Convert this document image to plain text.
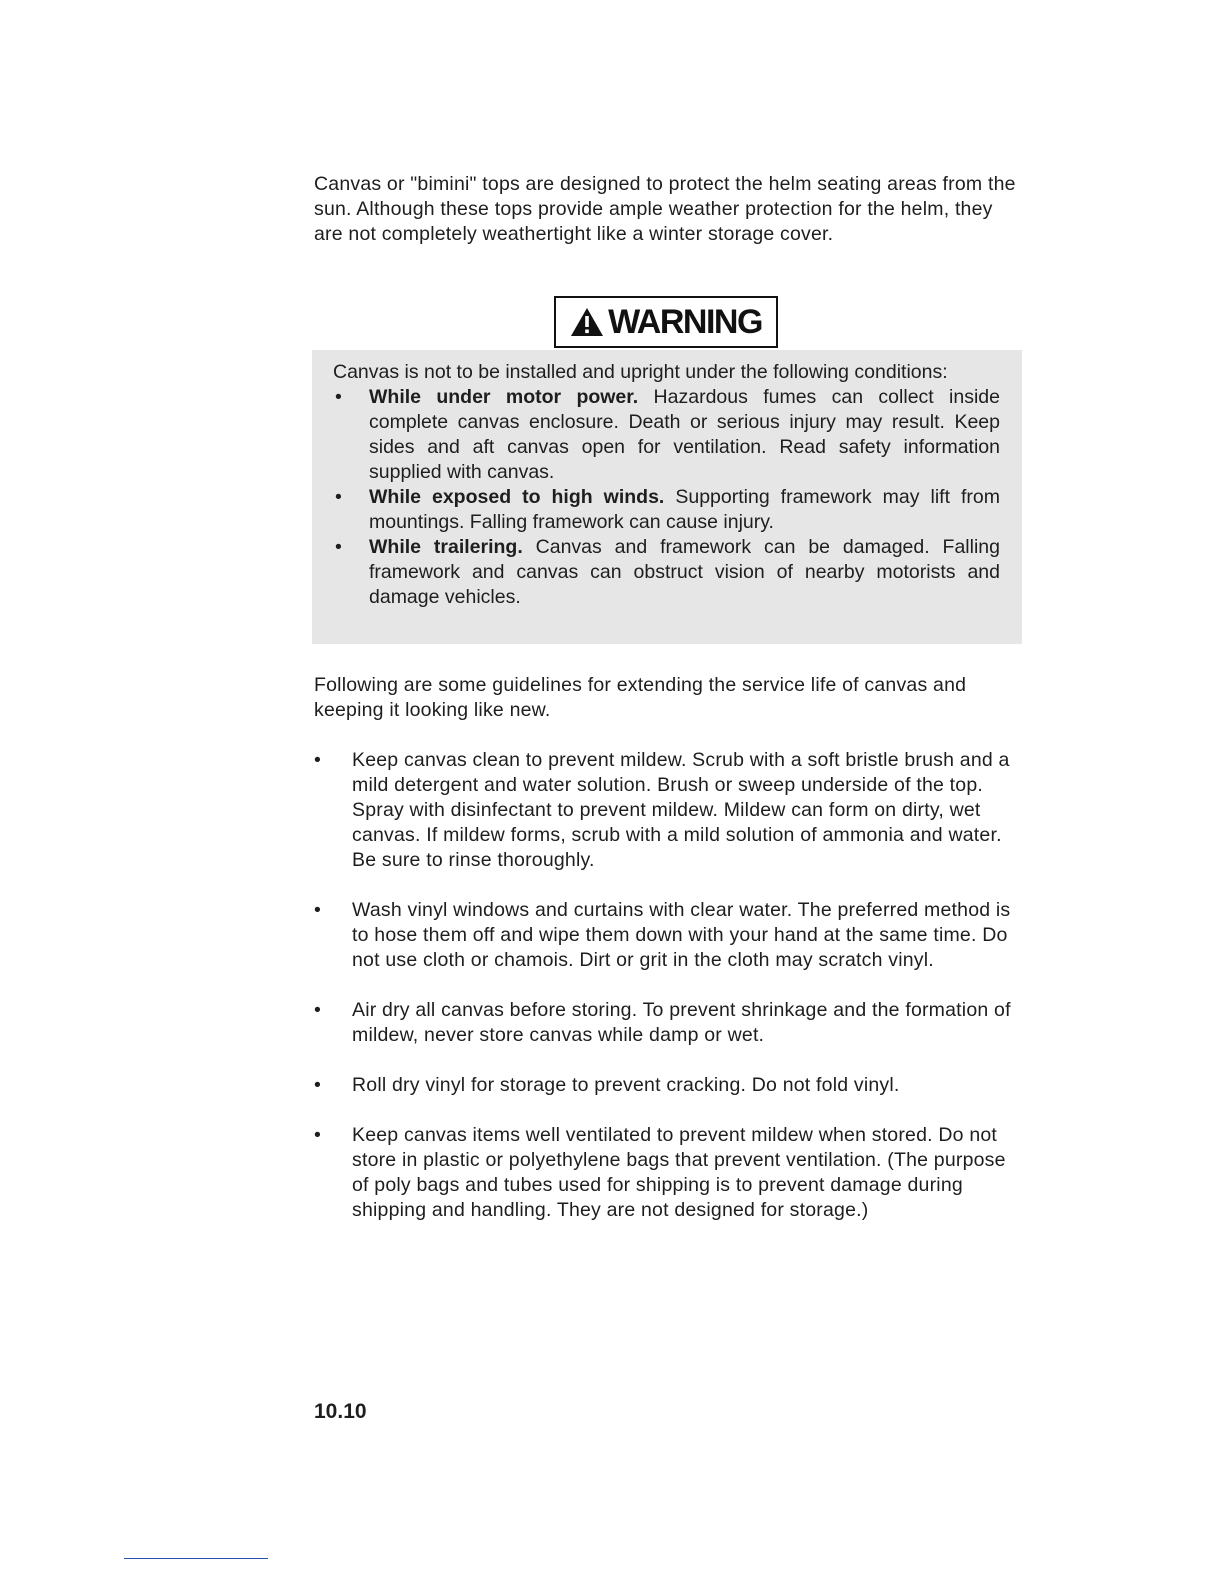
Canvas or "bimini" tops are designed to protect the helm seating areas from the sun. Although these tops provide ample weather protection for the helm, they are not completely weathertight like a winter storage cover.

WARNING

Canvas is not to be installed and upright under the following conditions:

• While under motor power. Hazardous fumes can collect inside complete canvas enclosure. Death or serious injury may result. Keep sides and aft canvas open for ventilation. Read safety information supplied with canvas.
• While exposed to high winds. Supporting framework may lift from mountings. Falling framework can cause injury.
• While trailering. Canvas and framework can be damaged. Falling framework and canvas can obstruct vision of nearby motorists and damage vehicles.

Following are some guidelines for extending the service life of canvas and keeping it looking like new.

• Keep canvas clean to prevent mildew. Scrub with a soft bristle brush and a mild detergent and water solution. Brush or sweep underside of the top. Spray with disinfectant to prevent mildew. Mildew can form on dirty, wet canvas. If mildew forms, scrub with a mild solution of ammonia and water. Be sure to rinse thoroughly.
• Wash vinyl windows and curtains with clear water. The preferred method is to hose them off and wipe them down with your hand at the same time. Do not use cloth or chamois. Dirt or grit in the cloth may scratch vinyl.
• Air dry all canvas before storing. To prevent shrinkage and the formation of mildew, never store canvas while damp or wet.
• Roll dry vinyl for storage to prevent cracking. Do not fold vinyl.
• Keep canvas items well ventilated to prevent mildew when stored. Do not store in plastic or polyethylene bags that prevent ventilation. (The purpose of poly bags and tubes used for shipping is to prevent damage during shipping and handling. They are not designed for storage.)

10.10
